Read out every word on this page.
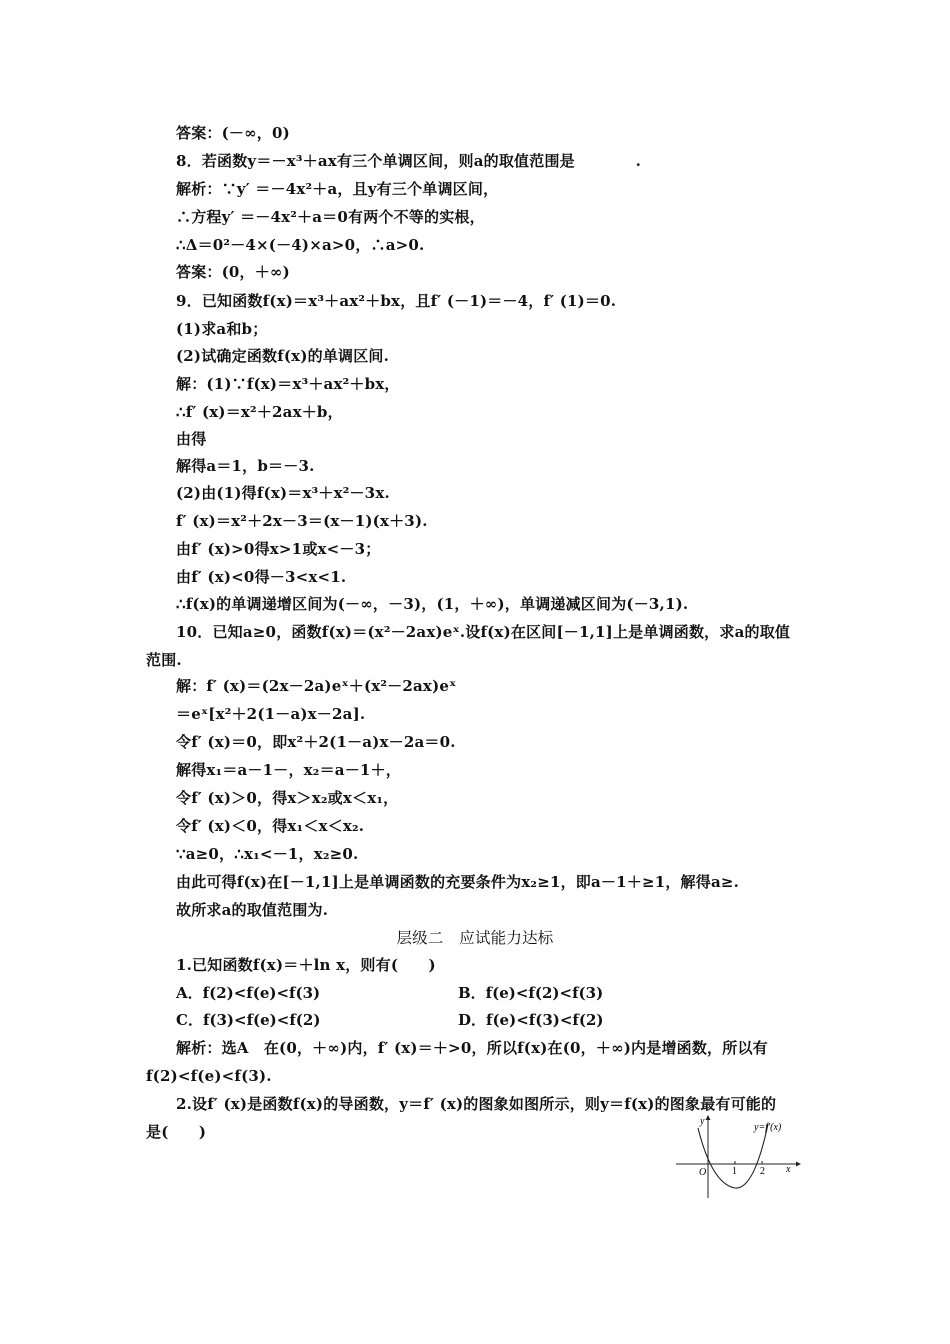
答案：(－∞，0)
8．若函数y＝－x³＋ax有三个单调区间，则a的取值范围是　　　　.
解析：∵y′ ＝－4x²＋a，且y有三个单调区间，
∴方程y′ ＝－4x²＋a＝0有两个不等的实根，
∴Δ＝0²－4×(－4)×a>0，∴a>0.
答案：(0，＋∞)
9．已知函数f(x)＝x³＋ax²＋bx，且f′ (－1)＝－4，f′ (1)＝0.
(1)求a和b；
(2)试确定函数f(x)的单调区间.
解：(1)∵f(x)＝x³＋ax²＋bx，
∴f′ (x)＝x²＋2ax＋b，
由得
解得a＝1，b＝－3.
(2)由(1)得f(x)＝x³＋x²－3x.
f′ (x)＝x²＋2x－3＝(x－1)(x＋3).
由f′ (x)>0得x>1或x<－3；
由f′ (x)<0得－3<x<1.
∴f(x)的单调递增区间为(－∞，－3)，(1，＋∞)，单调递减区间为(－3,1).
10．已知a≥0，函数f(x)＝(x²－2ax)eˣ.设f(x)在区间[－1,1]上是单调函数，求a的取值
范围.
解：f′ (x)＝(2x－2a)eˣ＋(x²－2ax)eˣ
＝eˣ[x²＋2(1－a)x－2a].
令f′ (x)＝0，即x²＋2(1－a)x－2a＝0.
解得x₁＝a－1－，x₂＝a－1＋，
令f′ (x)＞0，得x＞x₂或x＜x₁，
令f′ (x)＜0，得x₁＜x＜x₂.
∵a≥0，∴x₁<－1，x₂≥0.
由此可得f(x)在[－1,1]上是单调函数的充要条件为x₂≥1，即a－1＋≥1，解得a≥.
故所求a的取值范围为.
层级二　应试能力达标
1.已知函数f(x)＝＋ln x，则有(　　)
A．f(2)<f(e)<f(3)	B．f(e)<f(2)<f(3)
C．f(3)<f(e)<f(2)	D．f(e)<f(3)<f(2)
解析：选A　在(0，＋∞)内，f′ (x)＝＋>0，所以f(x)在(0，＋∞)内是增函数，所以有
f(2)<f(e)<f(3).
2.设f′ (x)是函数f(x)的导函数，y＝f′ (x)的图象如图所示，则y＝f(x)的图象最有可能的
是(　　)
O	1 2 x
y
y=f′(x)
